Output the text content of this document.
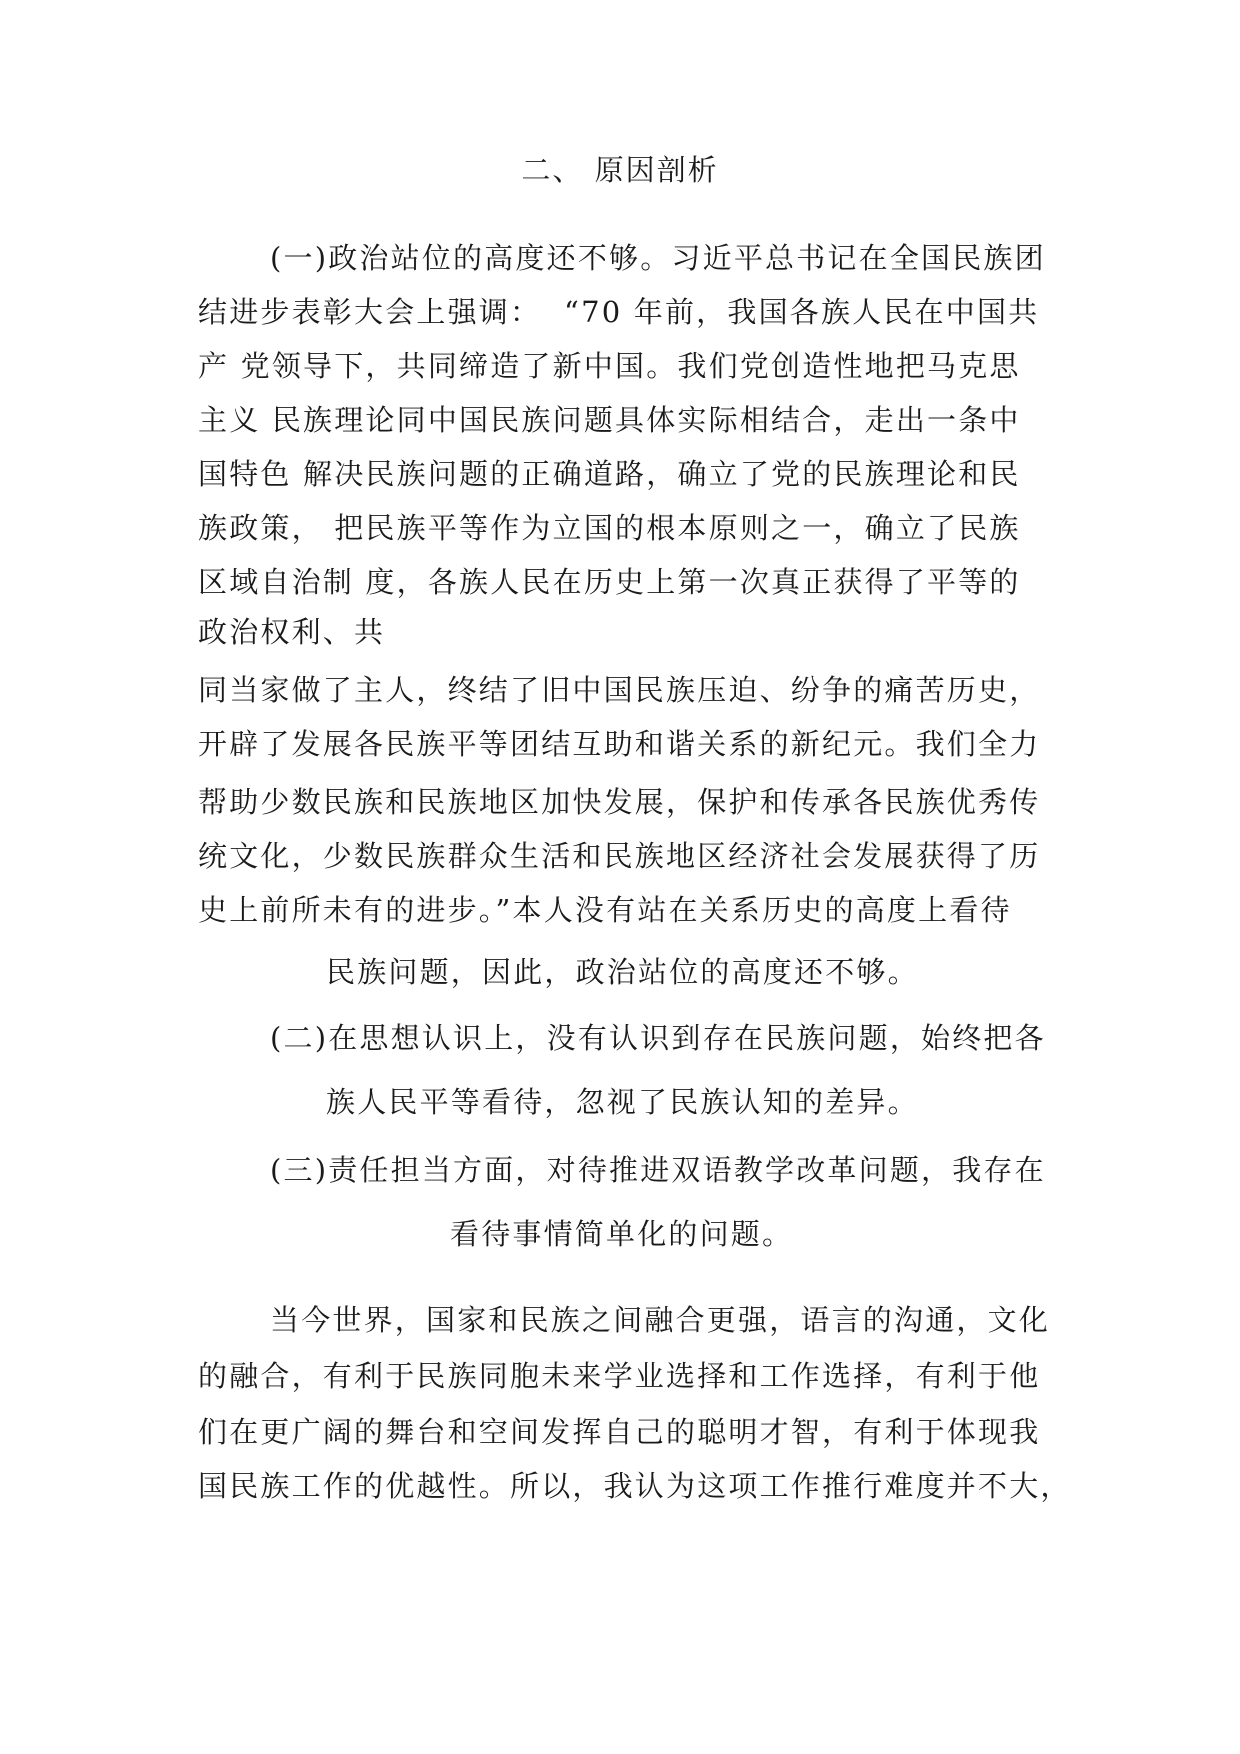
二、 原因剖析
(一)政治站位的高度还不够。习近平总书记在全国民族团
结进步表彰大会上强调：  “70 年前，我国各族人民在中国共
产 党领导下，共同缔造了新中国。我们党创造性地把马克思
主义 民族理论同中国民族问题具体实际相结合，走出一条中
国特色 解决民族问题的正确道路，确立了党的民族理论和民
族政策， 把民族平等作为立国的根本原则之一，确立了民族
区域自治制 度，各族人民在历史上第一次真正获得了平等的
政治权利、共
同当家做了主人，终结了旧中国民族压迫、纷争的痛苦历史，
开辟了发展各民族平等团结互助和谐关系的新纪元。我们全力
帮助少数民族和民族地区加快发展，保护和传承各民族优秀传
统文化，少数民族群众生活和民族地区经济社会发展获得了历
史上前所未有的进步。”本人没有站在关系历史的高度上看待
民族问题，因此，政治站位的高度还不够。
(二)在思想认识上，没有认识到存在民族问题，始终把各
族人民平等看待，忽视了民族认知的差异。
(三)责任担当方面，对待推进双语教学改革问题，我存在
看待事情简单化的问题。
当今世界，国家和民族之间融合更强，语言的沟通，文化
的融合，有利于民族同胞未来学业选择和工作选择，有利于他
们在更广阔的舞台和空间发挥自己的聪明才智，有利于体现我
国民族工作的优越性。所以，我认为这项工作推行难度并不大，
